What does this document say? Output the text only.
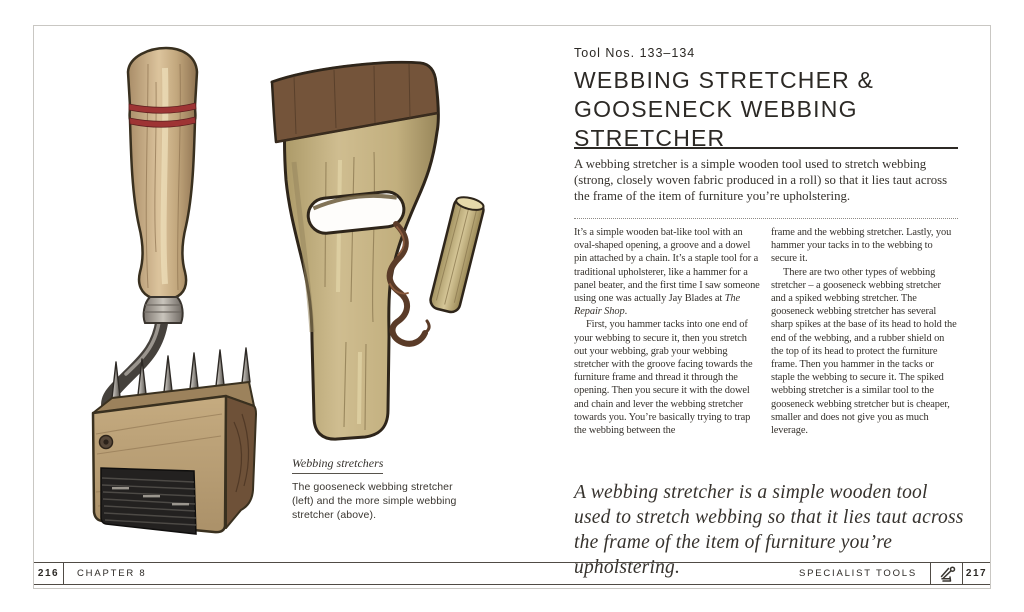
Webbing stretchers
The gooseneck webbing stretcher (left) and the more simple webbing stretcher (above).
Tool Nos. 133–134
WEBBING STRETCHER &
GOOSENECK WEBBING STRETCHER
A webbing stretcher is a simple wooden tool used to stretch webbing (strong, closely woven fabric produced in a roll) so that it lies taut across the frame of the item of furniture you’re upholstering.

It’s a simple wooden bat-like tool with an oval-shaped opening, a groove and a dowel pin attached by a chain. It’s a staple tool for a traditional upholsterer, like a hammer for a panel beater, and the first time I saw someone using one was actually Jay Blades at The Repair Shop.

First, you hammer tacks into one end of your webbing to secure it, then you stretch out your webbing, grab your webbing stretcher with the groove facing towards the furniture frame and thread it through the opening. Then you secure it with the dowel and chain and lever the webbing stretcher towards you. You’re basically trying to trap the webbing between the

frame and the webbing stretcher. Lastly, you hammer your tacks in to the webbing to secure it.

There are two other types of webbing stretcher – a gooseneck webbing stretcher and a spiked webbing stretcher. The gooseneck webbing stretcher has several sharp spikes at the base of its head to hold the end of the webbing, and a rubber shield on the top of its head to protect the furniture frame. Then you hammer in the tacks or staple the webbing to secure it. The spiked webbing stretcher is a similar tool to the gooseneck webbing stretcher but is cheaper, smaller and does not give you as much leverage.

A webbing stretcher is a simple wooden tool used to stretch webbing so that it lies taut across the frame of the item of furniture you’re upholstering.
216	CHAPTER 8	SPECIALIST TOOLS	217
